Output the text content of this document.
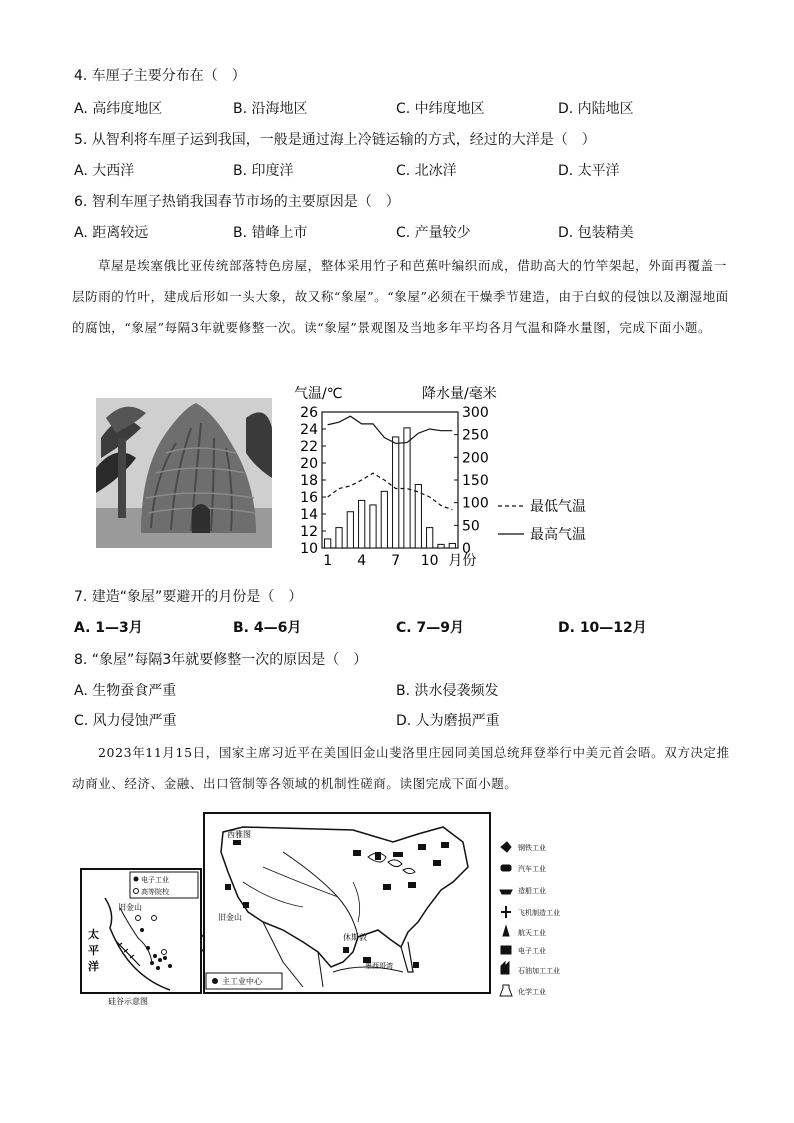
4. 车厘子主要分布在（　）
A. 高纬度地区	B. 沿海地区	C. 中纬度地区	D. 内陆地区
5. 从智利将车厘子运到我国，一般是通过海上冷链运输的方式，经过的大洋是（　）
A. 大西洋	B. 印度洋	C. 北冰洋	D. 太平洋
6. 智利车厘子热销我国春节市场的主要原因是（　）
A. 距离较远	B. 错峰上市	C. 产量较少	D. 包装精美
草屋是埃塞俄比亚传统部落特色房屋，整体采用竹子和芭蕉叶编织而成，借助高大的竹竿架起，外面再覆盖一层防雨的竹叶，建成后形如一头大象，故又称“象屋”。“象屋”必须在干燥季节建造，由于白蚁的侵蚀以及潮湿地面的腐蚀，“象屋”每隔3年就要修整一次。读“象屋”景观图及当地多年平均各月气温和降水量图，完成下面小题。
气温/℃	降水量/毫米
10
12
14
16
18
20
22
24
26
0
50
100
150
200
250
300
1 4 7 10 月份
最低气温
最高气温
7. 建造“象屋”要避开的月份是（　）
A. 1—3月	B. 4—6月	C. 7—9月	D. 10—12月
8. “象屋”每隔3年就要修整一次的原因是（　）
A. 生物蚕食严重	B. 洪水侵袭频发
C. 风力侵蚀严重	D. 人为磨损严重
2023年11月15日，国家主席习近平在美国旧金山斐洛里庄园同美国总统拜登举行中美元首会晤。双方决定推动商业、经济、金融、出口管制等各领域的机制性磋商。读图完成下面小题。
电子工业
高等院校
旧金山
太
平
洋
硅谷示意图
西雅图
旧金山
休斯敦
墨西哥湾
主工业中心
钢铁工业
汽车工业
造船工业
飞机制造工业
航天工业
电子工业
石油加工工业
化学工业
